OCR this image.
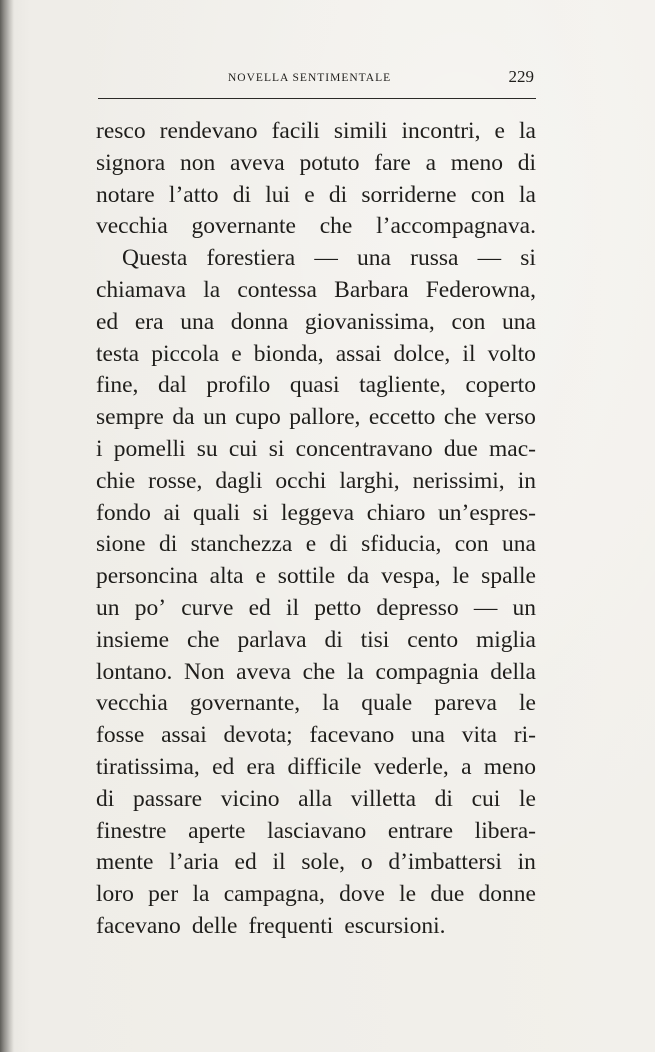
NOVELLA SENTIMENTALE	229
resco rendevano facili simili incontri, e la
signora non aveva potuto fare a meno di
notare l’atto di lui e di sorriderne con la
vecchia governante che l’accompagnava.
Questa forestiera — una russa — si
chiamava la contessa Barbara Federowna,
ed era una donna giovanissima, con una
testa piccola e bionda, assai dolce, il volto
fine, dal profilo quasi tagliente, coperto
sempre da un cupo pallore, eccetto che verso
i pomelli su cui si concentravano due mac-
chie rosse, dagli occhi larghi, nerissimi, in
fondo ai quali si leggeva chiaro un’espres-
sione di stanchezza e di sfiducia, con una
personcina alta e sottile da vespa, le spalle
un po’ curve ed il petto depresso — un
insieme che parlava di tisi cento miglia
lontano. Non aveva che la compagnia della
vecchia governante, la quale pareva le
fosse assai devota; facevano una vita ri-
tiratissima, ed era difficile vederle, a meno
di passare vicino alla villetta di cui le
finestre aperte lasciavano entrare libera-
mente l’aria ed il sole, o d’imbattersi in
loro per la campagna, dove le due donne
facevano delle frequenti escursioni.
